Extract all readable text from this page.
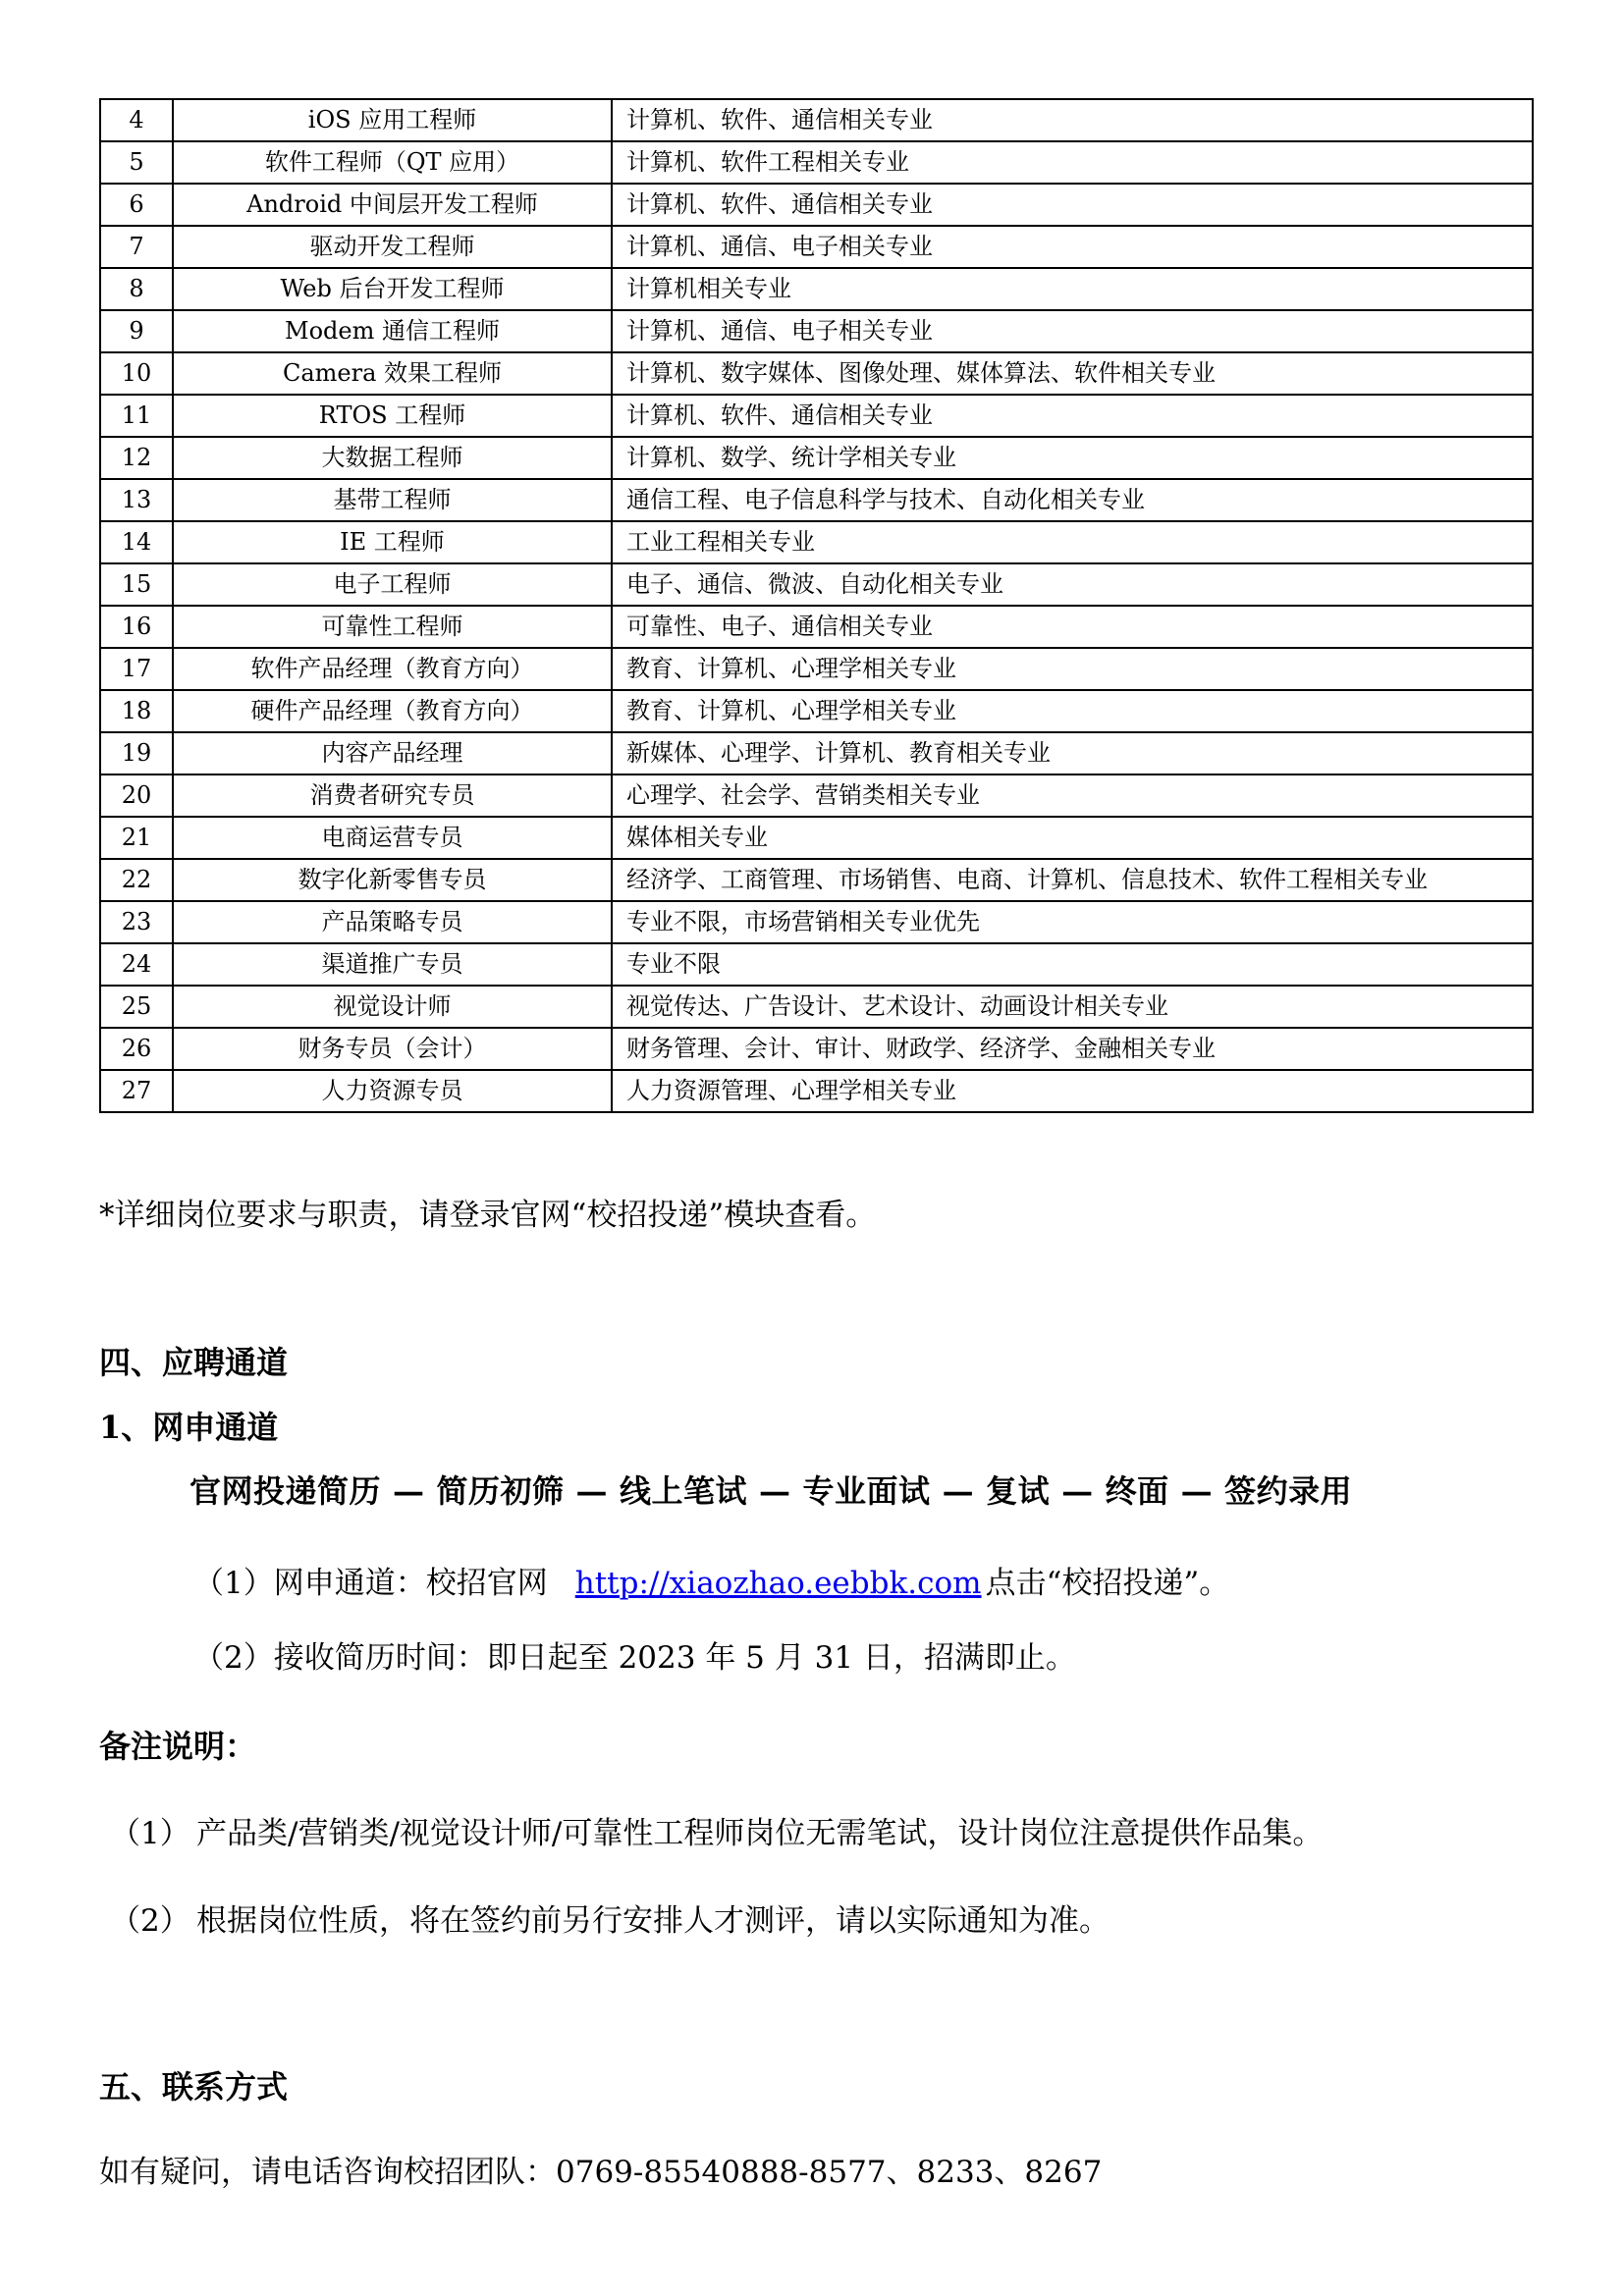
4	iOS 应用工程师	计算机、软件、通信相关专业
5	软件工程师（QT 应用）	计算机、软件工程相关专业
6	Android 中间层开发工程师	计算机、软件、通信相关专业
7	驱动开发工程师	计算机、通信、电子相关专业
8	Web 后台开发工程师	计算机相关专业
9	Modem 通信工程师	计算机、通信、电子相关专业
10	Camera 效果工程师	计算机、数字媒体、图像处理、媒体算法、软件相关专业
11	RTOS 工程师	计算机、软件、通信相关专业
12	大数据工程师	计算机、数学、统计学相关专业
13	基带工程师	通信工程、电子信息科学与技术、自动化相关专业
14	IE 工程师	工业工程相关专业
15	电子工程师	电子、通信、微波、自动化相关专业
16	可靠性工程师	可靠性、电子、通信相关专业
17	软件产品经理（教育方向）	教育、计算机、心理学相关专业
18	硬件产品经理（教育方向）	教育、计算机、心理学相关专业
19	内容产品经理	新媒体、心理学、计算机、教育相关专业
20	消费者研究专员	心理学、社会学、营销类相关专业
21	电商运营专员	媒体相关专业
22	数字化新零售专员	经济学、工商管理、市场销售、电商、计算机、信息技术、软件工程相关专业
23	产品策略专员	专业不限，市场营销相关专业优先
24	渠道推广专员	专业不限
25	视觉设计师	视觉传达、广告设计、艺术设计、动画设计相关专业
26	财务专员（会计）	财务管理、会计、审计、财政学、经济学、金融相关专业
27	人力资源专员	人力资源管理、心理学相关专业
*详细岗位要求与职责，请登录官网“校招投递”模块查看。
四、应聘通道
1、网申通道
官网投递简历 — 简历初筛 — 线上笔试 — 专业面试 — 复试 — 终面 — 签约录用
（1）网申通道：校招官网 http://xiaozhao.eebbk.com 点击“校招投递”。
（2）接收简历时间：即日起至 2023 年 5 月 31 日，招满即止。
备注说明：
（1） 产品类/营销类/视觉设计师/可靠性工程师岗位无需笔试，设计岗位注意提供作品集。
（2） 根据岗位性质，将在签约前另行安排人才测评，请以实际通知为准。
五、联系方式
如有疑问，请电话咨询校招团队：0769-85540888-8577、8233、8267
